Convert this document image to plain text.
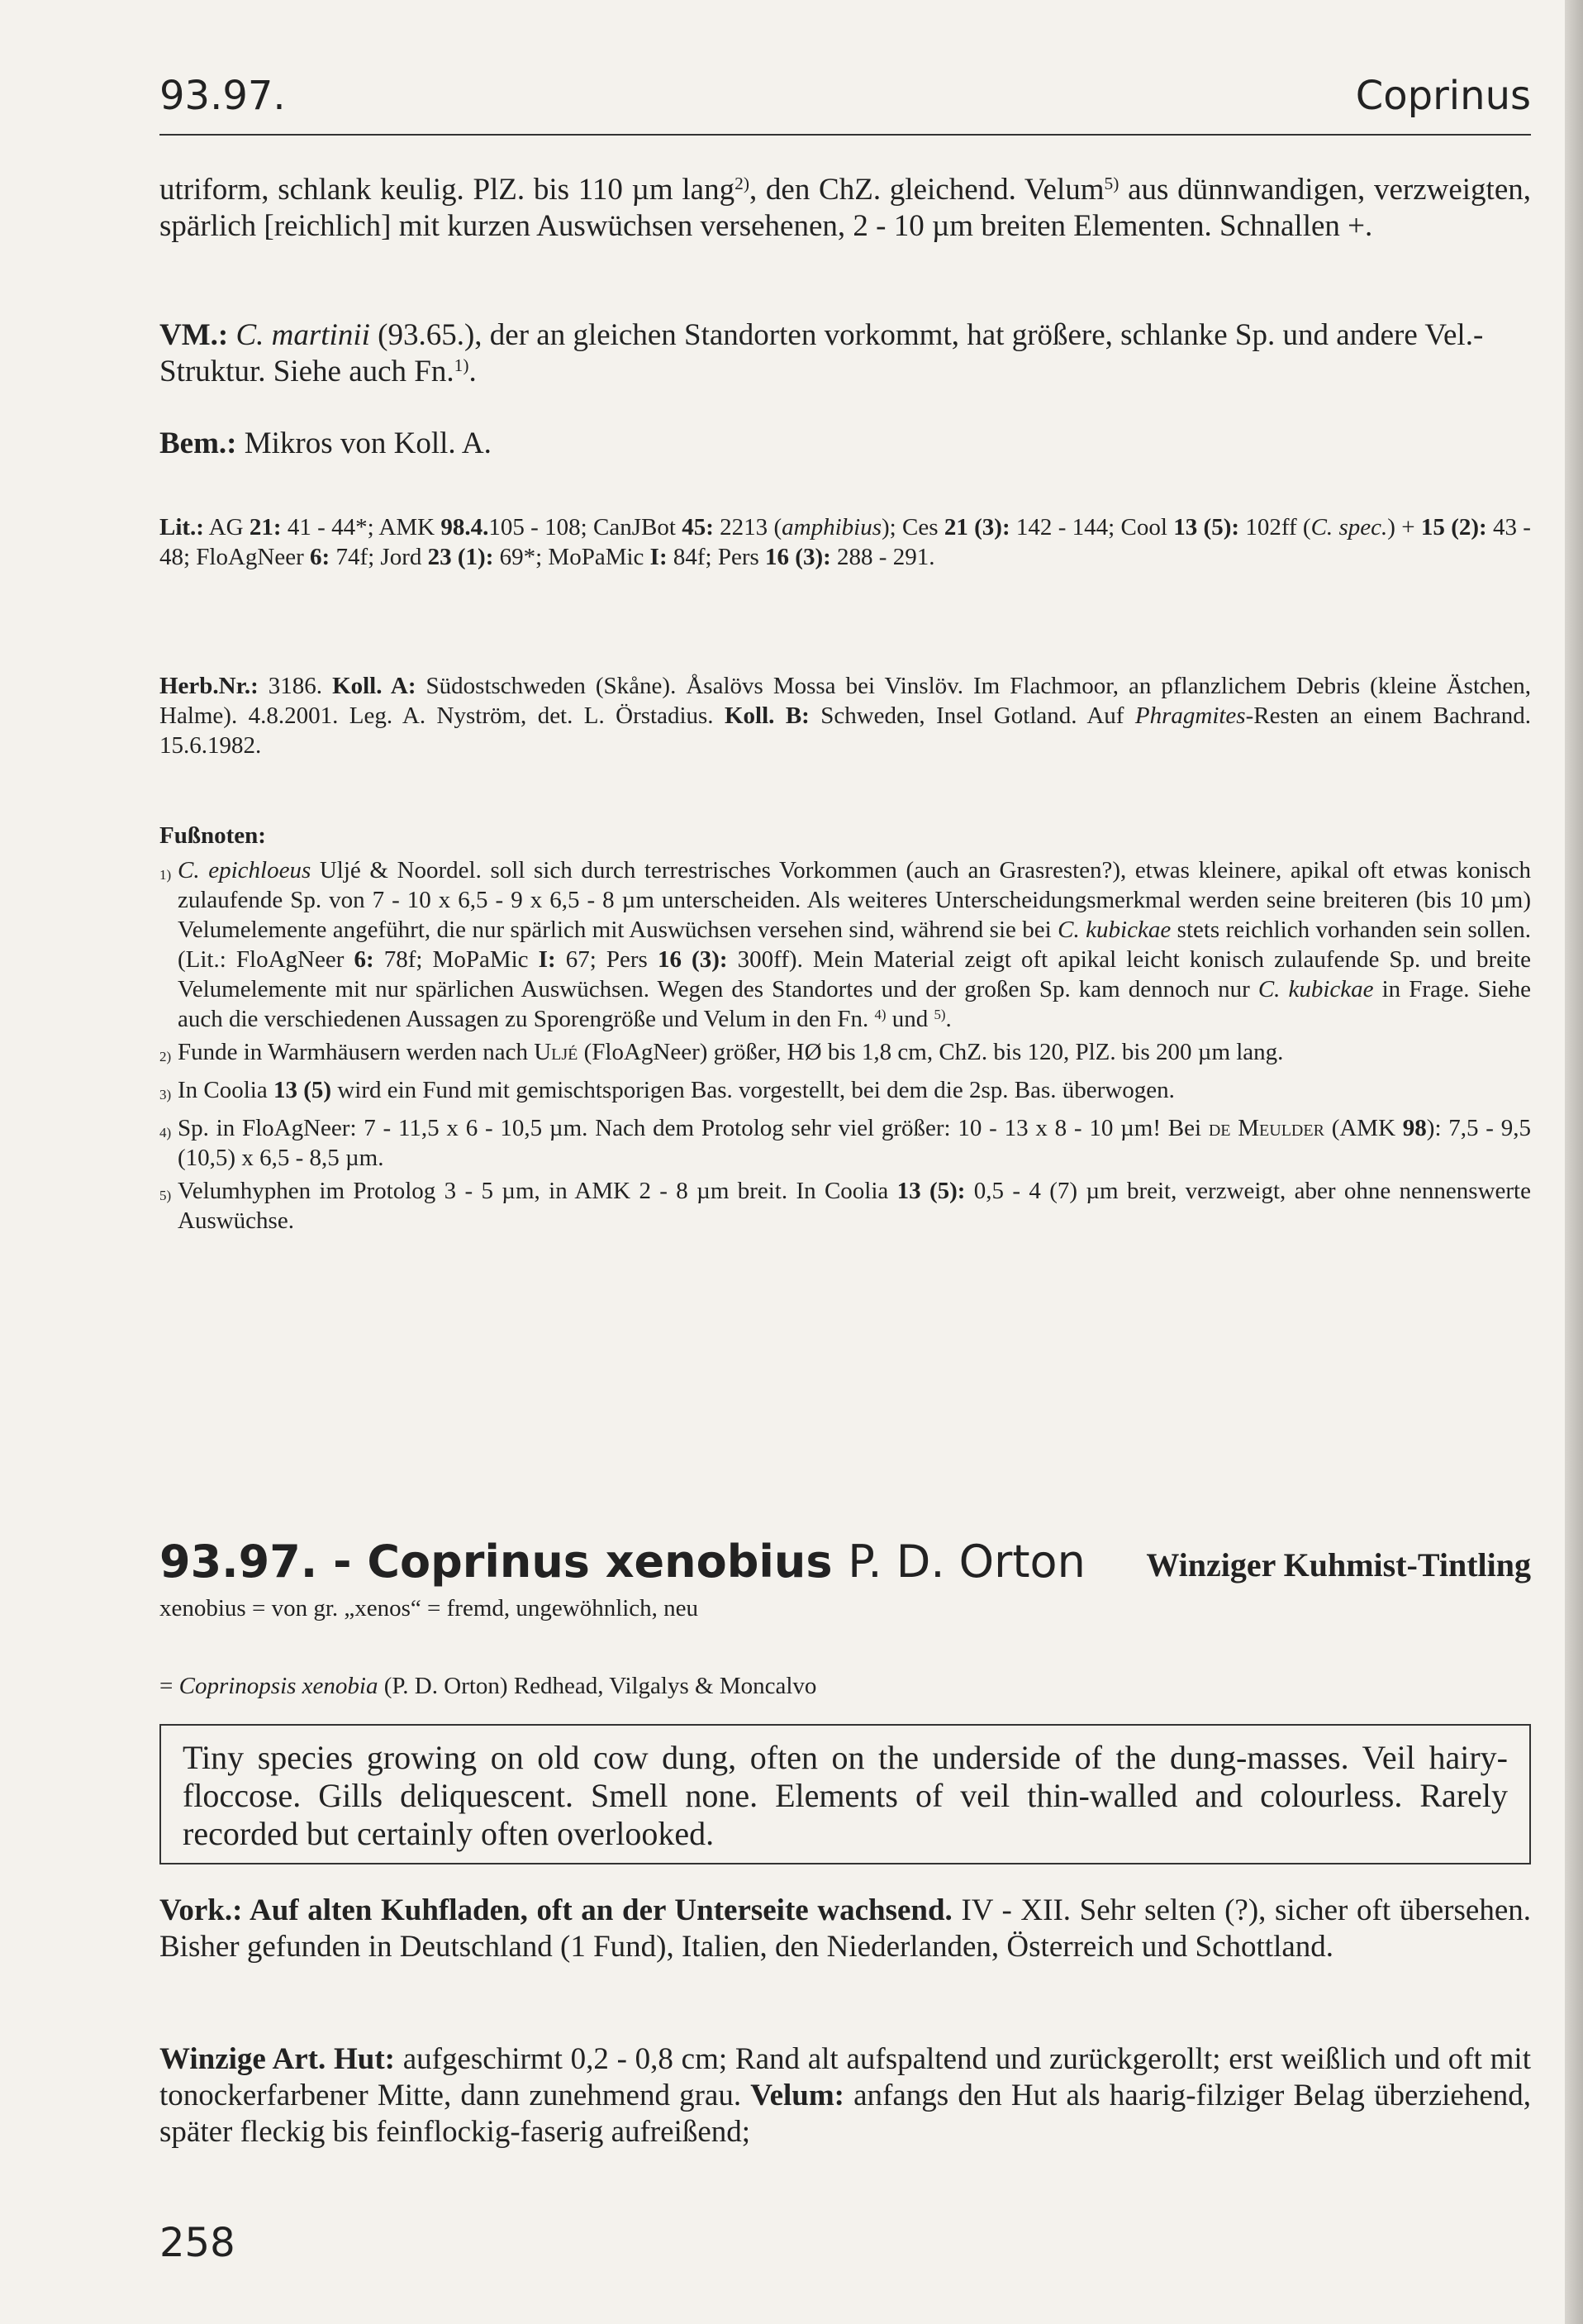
93.97.	Coprinus
utriform, schlank keulig. PlZ. bis 110 µm lang$^{2)}$, den ChZ. gleichend. Velum$^{5)}$ aus dünnwandigen, verzweigten, spärlich [reichlich] mit kurzen Auswüchsen versehenen, 2 - 10 µm breiten Elementen. Schnallen +.
VM.: C. martinii (93.65.), der an gleichen Standorten vorkommt, hat größere, schlanke Sp. und andere Vel.-Struktur. Siehe auch Fn.$^{1)}$.
Bem.: Mikros von Koll. A.
Lit.: AG 21: 41 - 44*; AMK 98.4.105 - 108; CanJBot 45: 2213 (amphibius); Ces 21 (3): 142 - 144; Cool 13 (5): 102ff (C. spec.) + 15 (2): 43 - 48; FloAgNeer 6: 74f; Jord 23 (1): 69*; MoPaMic I: 84f; Pers 16 (3): 288 - 291.
Herb.Nr.: 3186. Koll. A: Südostschweden (Skåne). Åsalövs Mossa bei Vinslöv. Im Flachmoor, an pflanzlichem Debris (kleine Ästchen, Halme). 4.8.2001. Leg. A. Nyström, det. L. Örstadius. Koll. B: Schweden, Insel Gotland. Auf Phragmites-Resten an einem Bachrand. 15.6.1982.

Fußnoten:

1) C. epichloeus Uljé & Noordel. soll sich durch terrestrisches Vorkommen (auch an Grasresten?), etwas kleinere, apikal oft etwas konisch zulaufende Sp. von 7 - 10 x 6,5 - 9 x 6,5 - 8 µm unterscheiden. Als weiteres Unterscheidungsmerkmal werden seine breiteren (bis 10 µm) Velumelemente angeführt, die nur spärlich mit Auswüchsen versehen sind, während sie bei C. kubickae stets reichlich vorhanden sein sollen. (Lit.: FloAgNeer 6: 78f; MoPaMic I: 67; Pers 16 (3): 300ff). Mein Material zeigt oft apikal leicht konisch zulaufende Sp. und breite Velumelemente mit nur spärlichen Auswüchsen. Wegen des Standortes und der großen Sp. kam dennoch nur C. kubickae in Frage. Siehe auch die verschiedenen Aussagen zu Sporengröße und Velum in den Fn. $^{4)}$ und $^{5)}$.
2) Funde in Warmhäusern werden nach Uljé (FloAgNeer) größer, HØ bis 1,8 cm, ChZ. bis 120, PlZ. bis 200 µm lang.
3) In Coolia 13 (5) wird ein Fund mit gemischtsporigen Bas. vorgestellt, bei dem die 2sp. Bas. überwogen.
4) Sp. in FloAgNeer: 7 - 11,5 x 6 - 10,5 µm. Nach dem Protolog sehr viel größer: 10 - 13 x 8 - 10 µm! Bei de Meulder (AMK 98): 7,5 - 9,5 (10,5) x 6,5 - 8,5 µm.
5) Velumhyphen im Protolog 3 - 5 µm, in AMK 2 - 8 µm breit. In Coolia 13 (5): 0,5 - 4 (7) µm breit, verzweigt, aber ohne nennenswerte Auswüchse.
93.97. - Coprinus xenobius P. D. Orton Winziger Kuhmist-Tintling
xenobius = von gr. „xenos“ = fremd, ungewöhnlich, neu
= Coprinopsis xenobia (P. D. Orton) Redhead, Vilgalys & Moncalvo
Tiny species growing on old cow dung, often on the underside of the dung-masses. Veil hairy-floccose. Gills deliquescent. Smell none. Elements of veil thin-walled and colourless. Rarely recorded but certainly often overlooked.
Vork.: Auf alten Kuhfladen, oft an der Unterseite wachsend. IV - XII. Sehr selten (?), sicher oft übersehen. Bisher gefunden in Deutschland (1 Fund), Italien, den Niederlanden, Österreich und Schottland.
Winzige Art. Hut: aufgeschirmt 0,2 - 0,8 cm; Rand alt aufspaltend und zurückgerollt; erst weißlich und oft mit tonockerfarbener Mitte, dann zunehmend grau. Velum: anfangs den Hut als haarig-filziger Belag überziehend, später fleckig bis feinflockig-faserig aufreißend;
258
